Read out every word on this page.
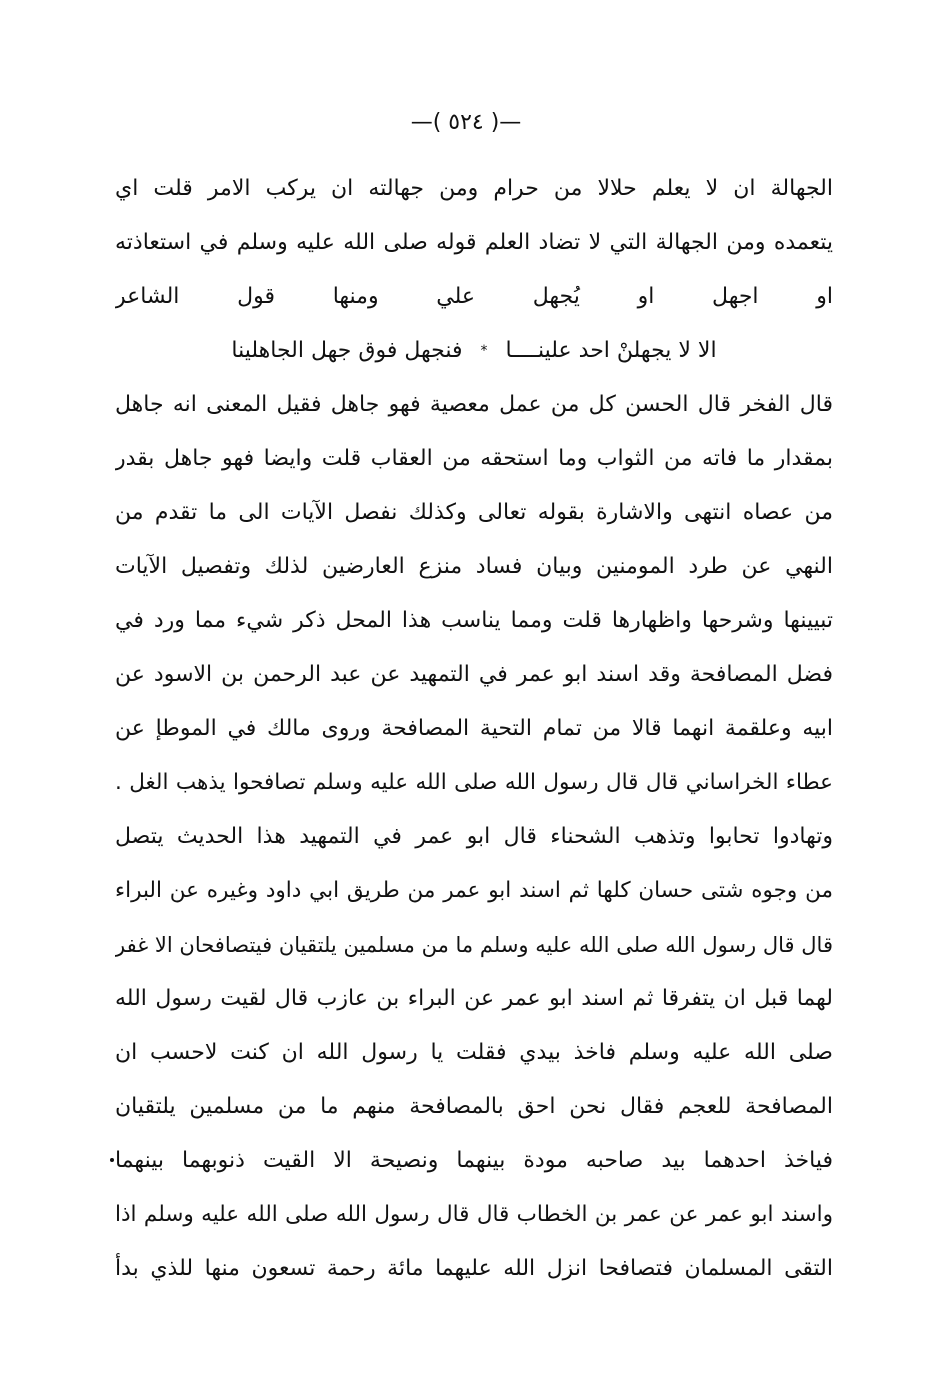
—( ٥٢٤ )—
الجهالة ان لا يعلم حلالا من حرام ومن جهالته ان يركب الامر قلت اي
يتعمده ومن الجهالة التي لا تضاد العلم قوله صلى الله عليه وسلم في استعاذته
او اجهل او يُجهل علي ومنها قول الشاعر
الا لا يجهلنْ احد علينــــا
*
فنجهل فوق جهل الجاهلينا
قال الفخر قال الحسن كل من عمل معصية فهو جاهل فقيل المعنى انه جاهل
بمقدار ما فاته من الثواب وما استحقه من العقاب قلت وايضا فهو جاهل بقدر
من عصاه انتهى والاشارة بقوله تعالى وكذلك نفصل الآيات الى ما تقدم من
النهي عن طرد المومنين وبيان فساد منزع العارضين لذلك وتفصيل الآيات
تبيينها وشرحها واظهارها قلت ومما يناسب هذا المحل ذكر شيء مما ورد في
فضل المصافحة وقد اسند ابو عمر في التمهيد عن عبد الرحمن بن الاسود عن
ابيه وعلقمة انهما قالا من تمام التحية المصافحة وروى مالك في الموطإ عن
عطاء الخراساني قال قال رسول الله صلى الله عليه وسلم تصافحوا يذهب الغل .
وتهادوا تحابوا وتذهب الشحناء قال ابو عمر في التمهيد هذا الحديث يتصل
من وجوه شتى حسان كلها ثم اسند ابو عمر من طريق ابي داود وغيره عن البراء
قال قال رسول الله صلى الله عليه وسلم ما من مسلمين يلتقيان فيتصافحان الا غفر
لهما قبل ان يتفرقا ثم اسند ابو عمر عن البراء بن عازب قال لقيت رسول الله
صلى الله عليه وسلم فاخذ بيدي فقلت يا رسول الله ان كنت لاحسب ان
المصافحة للعجم فقال نحن احق بالمصافحة منهم ما من مسلمين يلتقيان
فياخذ احدهما بيد صاحبه مودة بينهما ونصيحة الا القيت ذنوبهما بينهما
واسند ابو عمر عن عمر بن الخطاب قال قال رسول الله صلى الله عليه وسلم اذا
التقى المسلمان فتصافحا انزل الله عليهما مائة رحمة تسعون منها للذي بدأ
